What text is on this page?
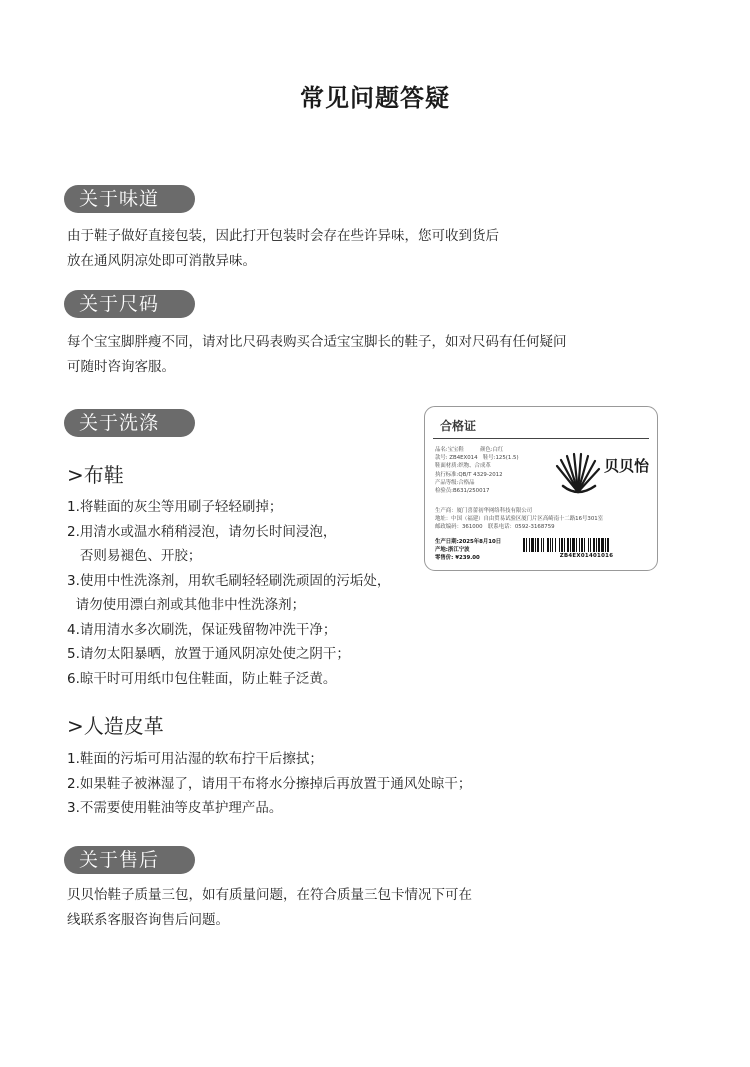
常见问题答疑
关于味道
由于鞋子做好直接包装，因此打开包装时会存在些许异味，您可收到货后
放在通风阴凉处即可消散异味。
关于尺码
每个宝宝脚胖瘦不同，请对比尺码表购买合适宝宝脚长的鞋子，如对尺码有任何疑问
可随时咨询客服。
关于洗涤
>布鞋
1.将鞋面的灰尘等用刷子轻轻刷掉；
2.用清水或温水稍稍浸泡，请勿长时间浸泡，
否则易褪色、开胶；
3.使用中性洗涤剂，用软毛刷轻轻刷洗顽固的污垢处，
请勿使用漂白剂或其他非中性洗涤剂；
4.请用清水多次刷洗，保证残留物冲洗干净；
5.请勿太阳暴晒，放置于通风阴凉处使之阴干；
6.晾干时可用纸巾包住鞋面，防止鞋子泛黄。
>人造皮革
1.鞋面的污垢可用沾湿的软布拧干后擦拭；
2.如果鞋子被淋湿了，请用干布将水分擦掉后再放置于通风处晾干；
3.不需要使用鞋油等皮革护理产品。
关于售后
贝贝怡鞋子质量三包，如有质量问题，在符合质量三包卡情况下可在
线联系客服咨询售后问题。
合格证
品名:宝宝鞋　　　颜色:白红
款号: ZB4EX014　鞋号:125(1.5)
鞋面材质:织物、合成革
执行标准:QB/T 4329-2012
产品等级:合格品
检验员:B631/250017
贝贝怡
生产商：厦门喜蕾初华网络科技有限公司
地址：中国（福建）自由贸易试验区厦门片区高崎南十二路16号301室
邮政编码：361000　联系电话：0592-3168759
生产日期:2025年8月10日
产地:浙江宁波
零售价: ¥239.00	ZB4EX01401016
